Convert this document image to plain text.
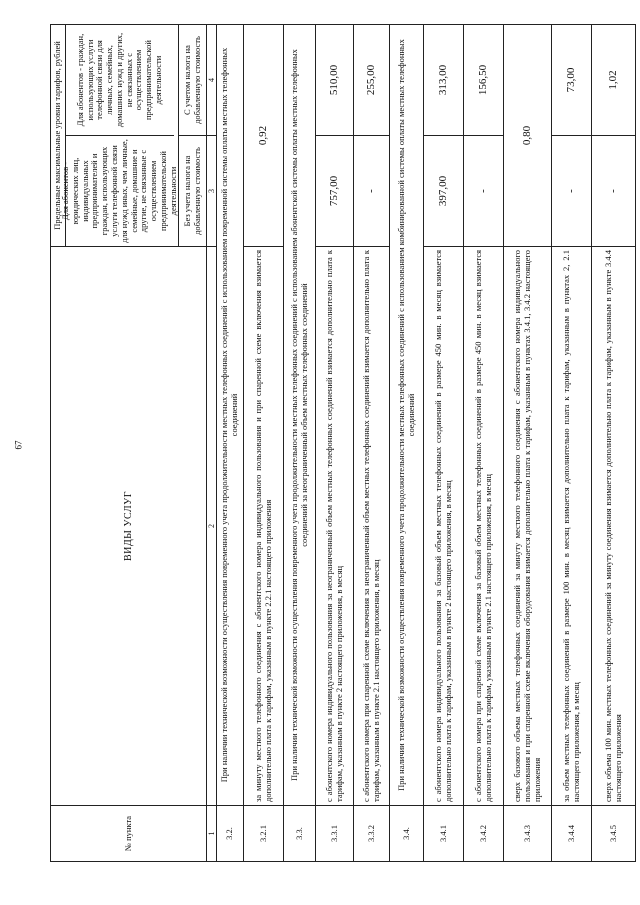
67
№ пункта	ВИДЫ УСЛУГ	Предельные максимальные уровни тарифов, рублей
Для абонентов - юридических лиц, индивидуальных предпринимателей и граждан, использующих услуги телефонной связи для нужд иных, чем личные, семейные, домашние и другие, не связанные с осуществлением предпринимательской деятельности
Для абонентов - граждан, использующих услуги телефонной связи для личных, семейных, домашних нужд и других, не связанных с осуществлением предпринимательской деятельности	

		Без учета налога на добавленную стоимость	С учетом налога на добавленную стоимость
1	2	3	4
3.2.	При наличии технической возможности осуществления повременного учета продолжительности местных телефонных соединений с использованием повременной системы оплаты местных телефонных соединений		
3.2.1	за минуту местного телефонного соединения с абонентского номера индивидуального пользования и при спаренной схеме включения взимается дополнительно плата к тарифам, указанным в пункте 2.2.1 настоящего приложения	0,92	
3.3.	При наличии технической возможности осуществления повременного учета продолжительности местных телефонных соединений с использованием абонентской системы оплаты местных телефонных соединений за неограниченный объем местных телефонных соединений		
3.3.1	с абонентского номера индивидуального пользования за неограниченный объем местных телефонных соединений взимается дополнительно плата к тарифам, указанным в пункте 2 настоящего приложения, в месяц	757,00	510,00
3.3.2	с абонентского номера при спаренной схеме включения за неограниченный объем местных телефонных соединений взимается дополнительно плата к тарифам, указанным в пункте 2.1 настоящего приложения, в месяц	-	255,00
3.4.	При наличии технической возможности осуществления повременного учета продолжительности местных телефонных соединений с использованием комбинированной системы оплаты местных телефонных соединений		
3.4.1	с абонентского номера индивидуального пользования за базовый объем местных телефонных соединений в размере 450 мин. в месяц взимается дополнительно плата к тарифам, указанным в пункте 2 настоящего приложения, в месяц	397,00	313,00
3.4.2	с абонентского номера при спаренной схеме включения за базовый объем местных телефонных соединений в размере 450 мин. в месяц взимается дополнительно плата к тарифам, указанным в пункте 2.1 настоящего приложения, в месяц	-	156,50
3.4.3	сверх базового объема местных телефонных соединений за минуту местного телефонного соединения с абонентского номера индивидуального пользования и при спаренной схеме включения оборудования взимается дополнительно плата к тарифам, указанным в пунктах 3.4.1, 3.4.2 настоящего приложения	0,80	
3.4.4	за объем местных телефонных соединений в размере 100 мин. в месяц взимается дополнительно плата к тарифам, указанным в пунктах 2, 2.1 настоящего приложения, в месяц	-	73,00
3.4.5	сверх объема 100 мин. местных телефонных соединений за минуту соединения взимается дополнительно плата к тарифам, указанным в пункте 3.4.4 настоящего приложения	-	1,02
